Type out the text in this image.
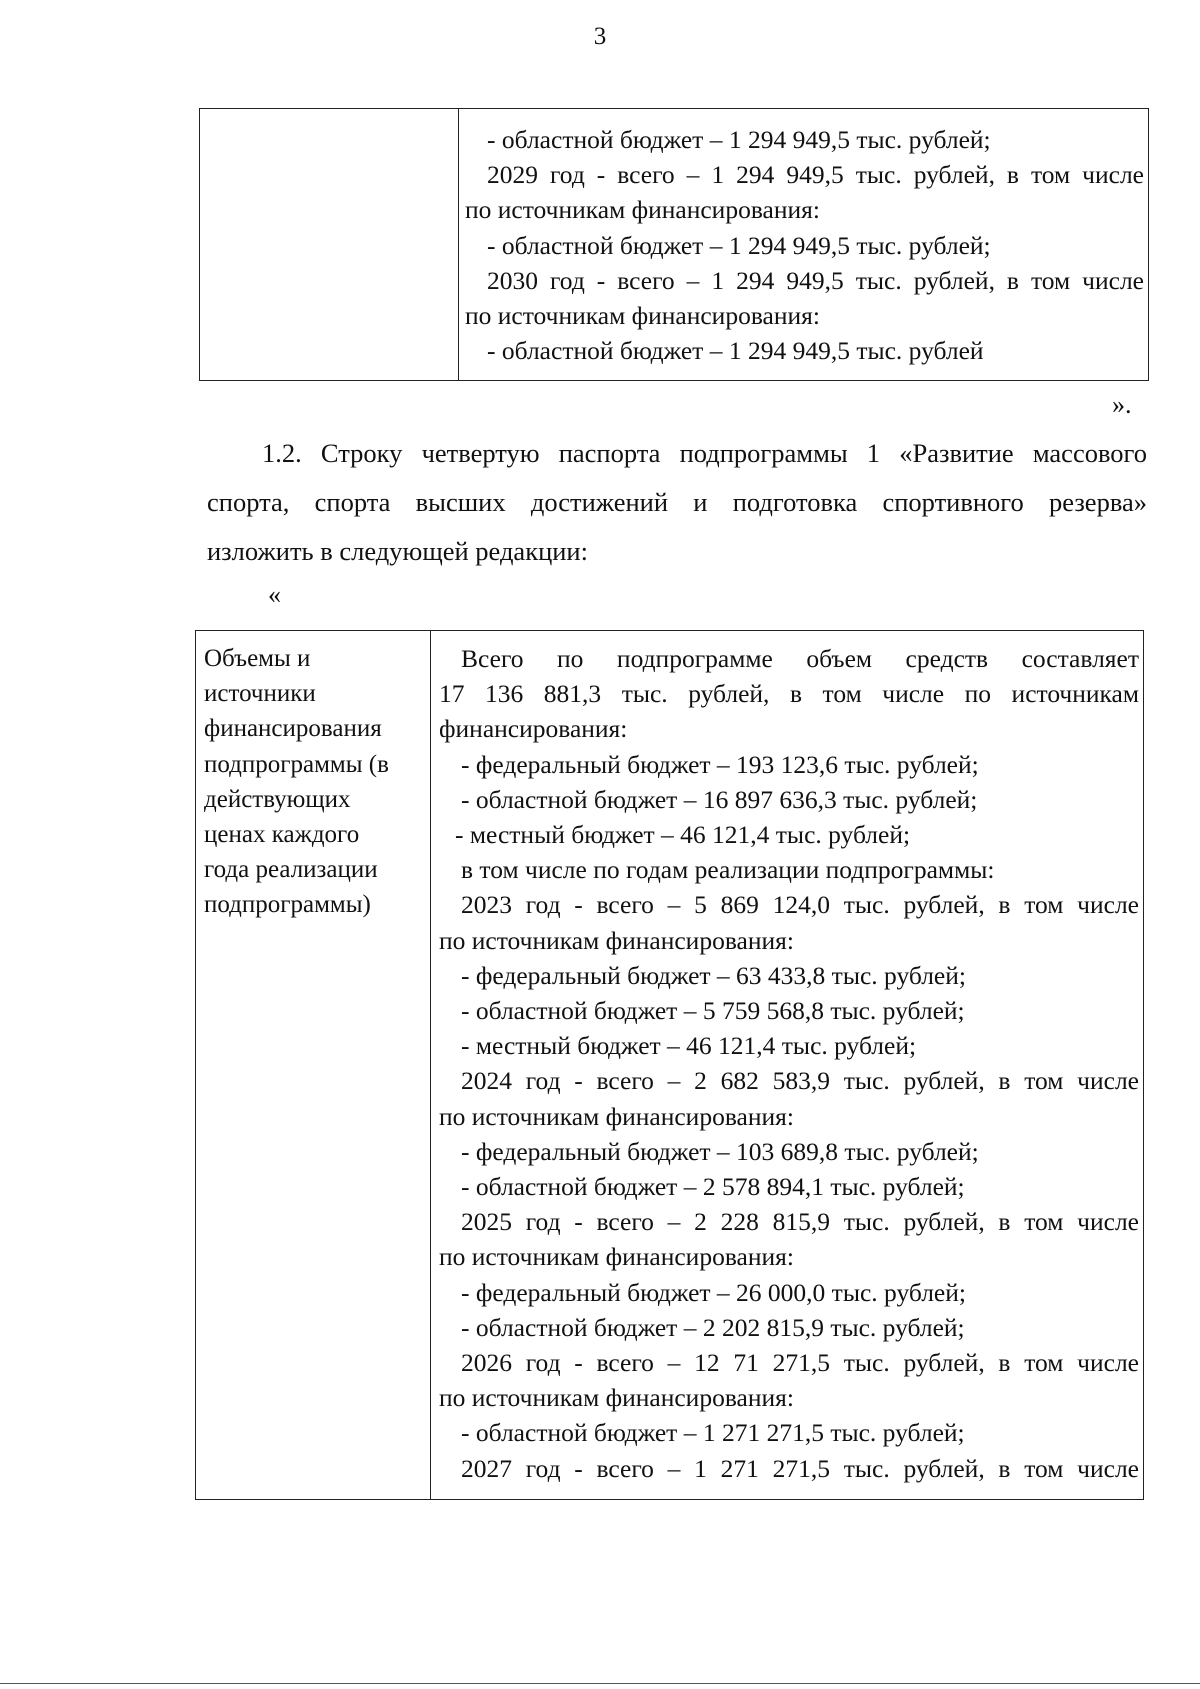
3
- областной бюджет – 1 294 949,5 тыс. рублей;
2029 год - всего – 1 294 949,5 тыс. рублей, в том числе
по источникам финансирования:
- областной бюджет – 1 294 949,5 тыс. рублей;
2030 год - всего – 1 294 949,5 тыс. рублей, в том числе
по источникам финансирования:
- областной бюджет – 1 294 949,5 тыс. рублей
».
1.2. Строку четвертую паспорта подпрограммы 1 «Развитие массового
спорта, спорта высших достижений и подготовка спортивного резерва»
изложить в следующей редакции:
«
Объемы и
источники
финансирования
подпрограммы (в
действующих
ценах каждого
года реализации
подпрограммы)
Всего по подпрограмме объем средств составляет
17 136 881,3 тыс. рублей, в том числе по источникам
финансирования:
- федеральный бюджет – 193 123,6 тыс. рублей;
- областной бюджет – 16 897 636,3 тыс. рублей;
- местный бюджет – 46 121,4 тыс. рублей;
в том числе по годам реализации подпрограммы:
2023 год - всего – 5 869 124,0 тыс. рублей, в том числе
по источникам финансирования:
- федеральный бюджет – 63 433,8 тыс. рублей;
- областной бюджет – 5 759 568,8 тыс. рублей;
- местный бюджет – 46 121,4 тыс. рублей;
2024 год - всего – 2 682 583,9 тыс. рублей, в том числе
по источникам финансирования:
- федеральный бюджет – 103 689,8 тыс. рублей;
- областной бюджет – 2 578 894,1 тыс. рублей;
2025 год - всего – 2 228 815,9 тыс. рублей, в том числе
по источникам финансирования:
- федеральный бюджет – 26 000,0 тыс. рублей;
- областной бюджет – 2 202 815,9 тыс. рублей;
2026 год - всего – 12 71 271,5 тыс. рублей, в том числе
по источникам финансирования:
- областной бюджет – 1 271 271,5 тыс. рублей;
2027 год - всего – 1 271 271,5 тыс. рублей, в том числе
